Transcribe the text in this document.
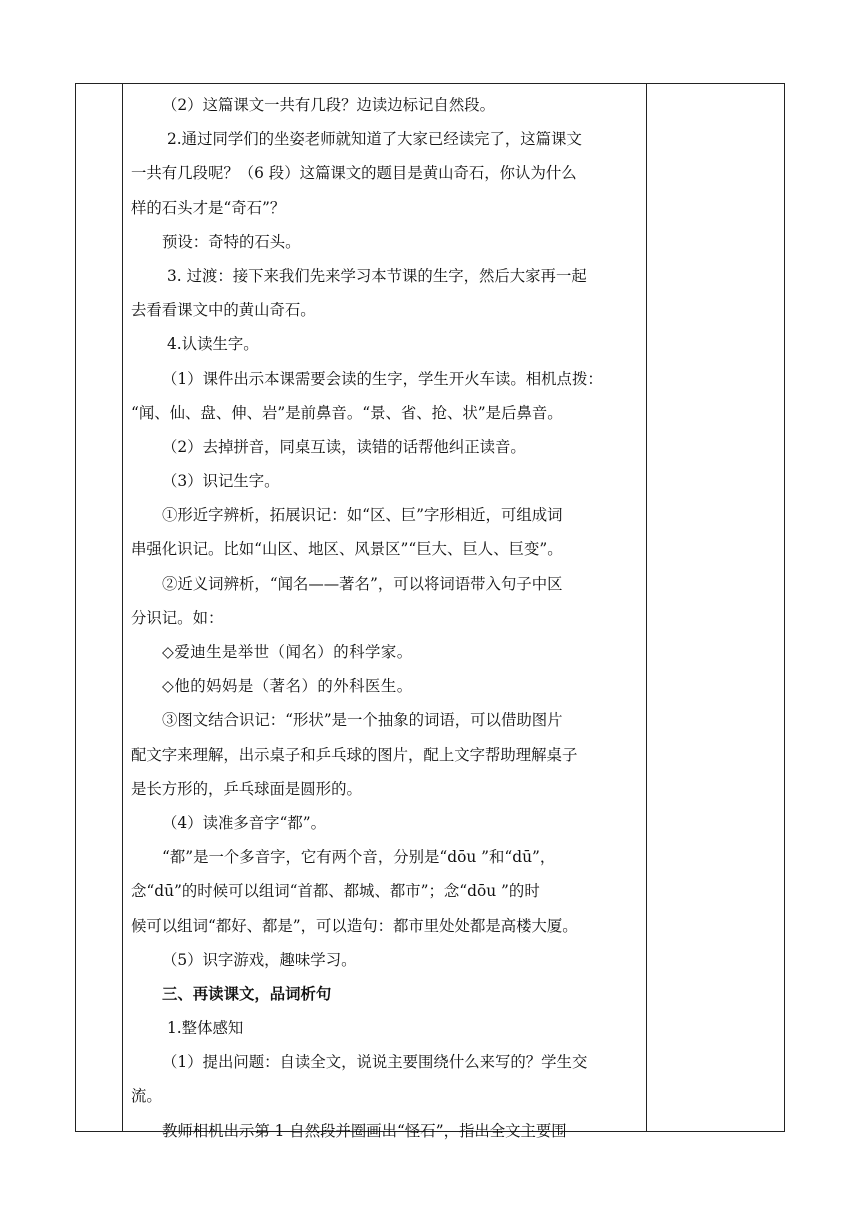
（2）这篇课文一共有几段？边读边标记自然段。
2.通过同学们的坐姿老师就知道了大家已经读完了，这篇课文
一共有几段呢？（6 段）这篇课文的题目是黄山奇石，你认为什么
样的石头才是“奇石”？
预设：奇特的石头。
3. 过渡：接下来我们先来学习本节课的生字，然后大家再一起
去看看课文中的黄山奇石。
4.认读生字。
（1）课件出示本课需要会读的生字，学生开火车读。相机点拨：
“闻、仙、盘、伸、岩”是前鼻音。“景、省、抢、状”是后鼻音。
（2）去掉拼音，同桌互读，读错的话帮他纠正读音。
（3）识记生字。
①形近字辨析，拓展识记：如“区、巨”字形相近，可组成词
串强化识记。比如“山区、地区、风景区”“巨大、巨人、巨变”。
②近义词辨析，“闻名——著名”，可以将词语带入句子中区
分识记。如：
◇爱迪生是举世（闻名）的科学家。
◇他的妈妈是（著名）的外科医生。
③图文结合识记：“形状”是一个抽象的词语，可以借助图片
配文字来理解，出示桌子和乒乓球的图片，配上文字帮助理解桌子
是长方形的，乒乓球面是圆形的。
（4）读准多音字“都”。
“都”是一个多音字，它有两个音，分别是“dōu ”和“dū”，
念“dū”的时候可以组词“首都、都城、都市”；念“dōu ”的时
候可以组词“都好、都是”，可以造句：都市里处处都是高楼大厦。
（5）识字游戏，趣味学习。
三、再读课文，品词析句
1.整体感知
（1）提出问题：自读全文，说说主要围绕什么来写的？学生交
流。
教师相机出示第 1 自然段并圈画出“怪石”，指出全文主要围
